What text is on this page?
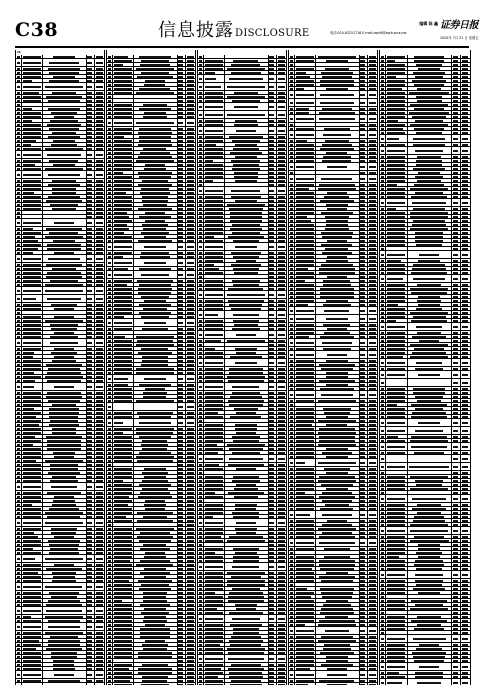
C38	信息披露DISCLOSURE
编辑 陈 鑫
电话:010-83251716 E-mail:zqrb9@zqrb.sina.net
证券日报
2020年 7月 31 日 星期五
20
